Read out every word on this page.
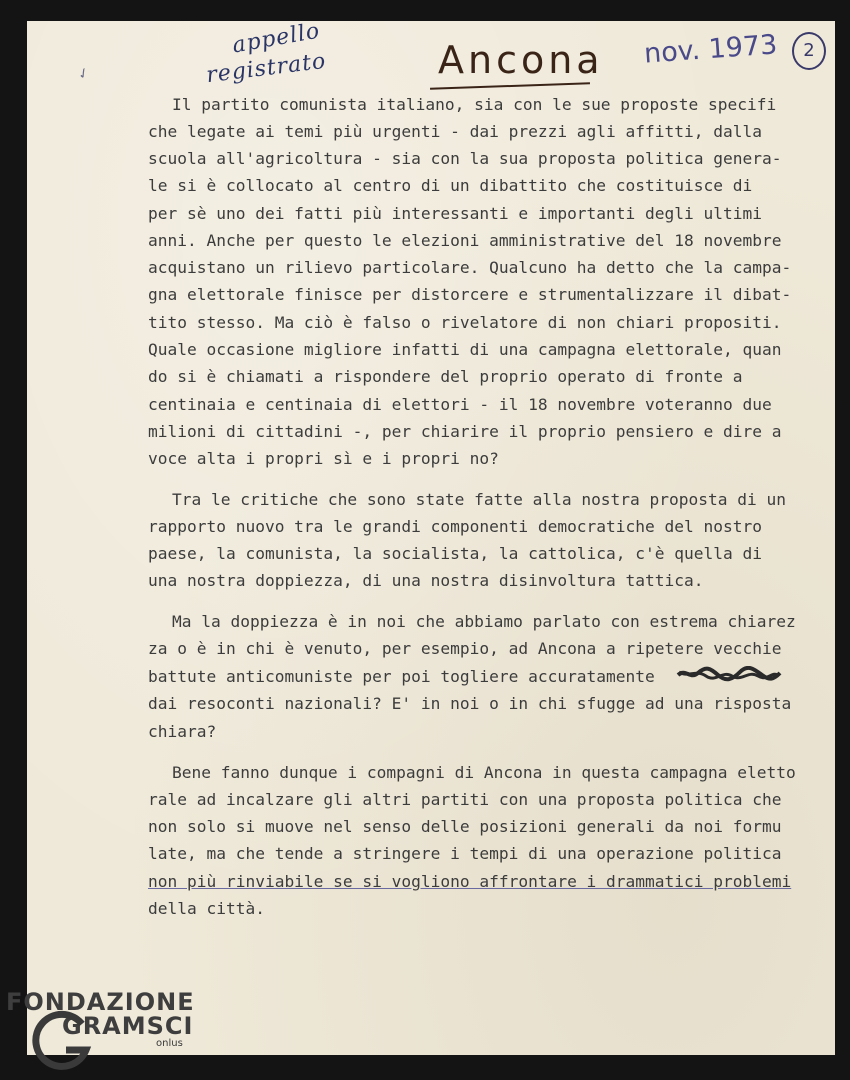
✓
appello
registrato	Ancona nov. 1973	2
Il partito comunista italiano, sia con le sue proposte specifi
che legate ai temi più urgenti - dai prezzi agli affitti, dalla
scuola all'agricoltura - sia con la sua proposta politica genera-
le si è collocato al centro di un dibattito che costituisce di
per sè uno dei fatti più interessanti e importanti degli ultimi
anni. Anche per questo le elezioni amministrative del 18 novembre
acquistano un rilievo particolare. Qualcuno ha detto che la campa-
gna elettorale finisce per distorcere e strumentalizzare il dibat-
tito stesso. Ma ciò è falso o rivelatore di non chiari propositi.
Quale occasione migliore infatti di una campagna elettorale, quan
do si è chiamati a rispondere del proprio operato di fronte a
centinaia e centinaia di elettori - il 18 novembre voteranno due
milioni di cittadini -, per chiarire il proprio pensiero e dire a
voce alta i propri sì e i propri no?
Tra le critiche che sono state fatte alla nostra proposta di un
rapporto nuovo tra le grandi componenti democratiche del nostro
paese, la comunista, la socialista, la cattolica, c'è quella di
una nostra doppiezza, di una nostra disinvoltura tattica.
Ma la doppiezza è in noi che abbiamo parlato con estrema chiarez
za o è in chi è venuto, per esempio, ad Ancona a ripetere vecchie
battute anticomuniste per poi togliere accuratamente
dai resoconti nazionali? E' in noi o in chi sfugge ad una risposta
chiara?
Bene fanno dunque i compagni di Ancona in questa campagna eletto
rale ad incalzare gli altri partiti con una proposta politica che
non solo si muove nel senso delle posizioni generali da noi formu
late, ma che tende a stringere i tempi di una operazione politica
non più rinviabile se si vogliono affrontare i drammatici problemi
della città.
FONDAZIONE
GRAMSCI
onlus
